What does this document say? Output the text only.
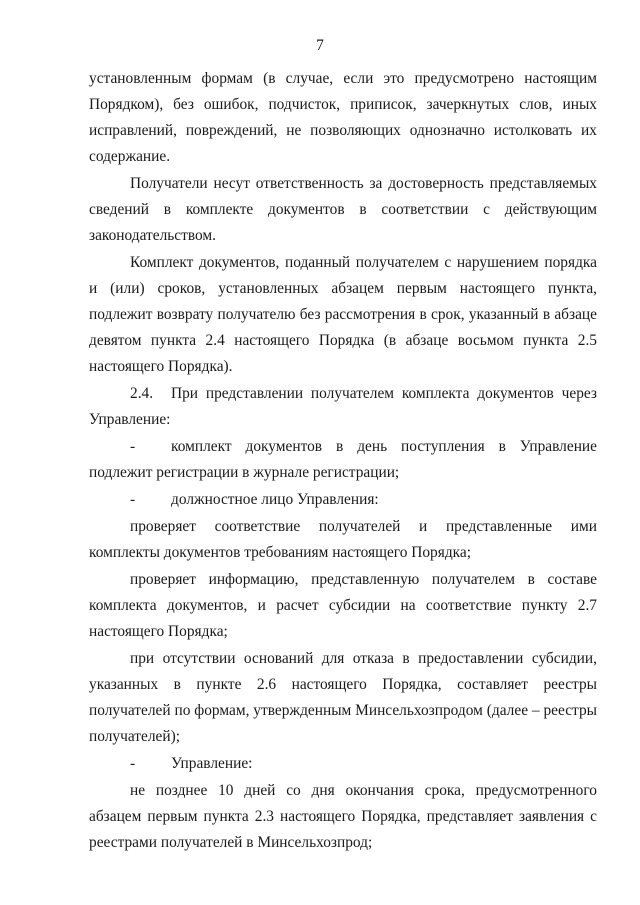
7

установленным формам (в случае, если это предусмотрено настоящим Порядком), без ошибок, подчисток, приписок, зачеркнутых слов, иных исправлений, повреждений, не позволяющих однозначно истолковать их содержание.

Получатели несут ответственность за достоверность представляемых сведений в комплекте документов в соответствии с действующим законодательством.

Комплект документов, поданный получателем с нарушением порядка и (или) сроков, установленных абзацем первым настоящего пункта, подлежит возврату получателю без рассмотрения в срок, указанный в абзаце девятом пункта 2.4 настоящего Порядка (в абзаце восьмом пункта 2.5 настоящего Порядка).

2.4. При представлении получателем комплекта документов через Управление:

- комплект документов в день поступления в Управление подлежит регистрации в журнале регистрации;

- должностное лицо Управления:

проверяет соответствие получателей и представленные ими комплекты документов требованиям настоящего Порядка;

проверяет информацию, представленную получателем в составе комплекта документов, и расчет субсидии на соответствие пункту 2.7 настоящего Порядка;

при отсутствии оснований для отказа в предоставлении субсидии, указанных в пункте 2.6 настоящего Порядка, составляет реестры получателей по формам, утвержденным Минсельхозпродом (далее – реестры получателей);

- Управление:

не позднее 10 дней со дня окончания срока, предусмотренного абзацем первым пункта 2.3 настоящего Порядка, представляет заявления с реестрами получателей в Минсельхозпрод;
